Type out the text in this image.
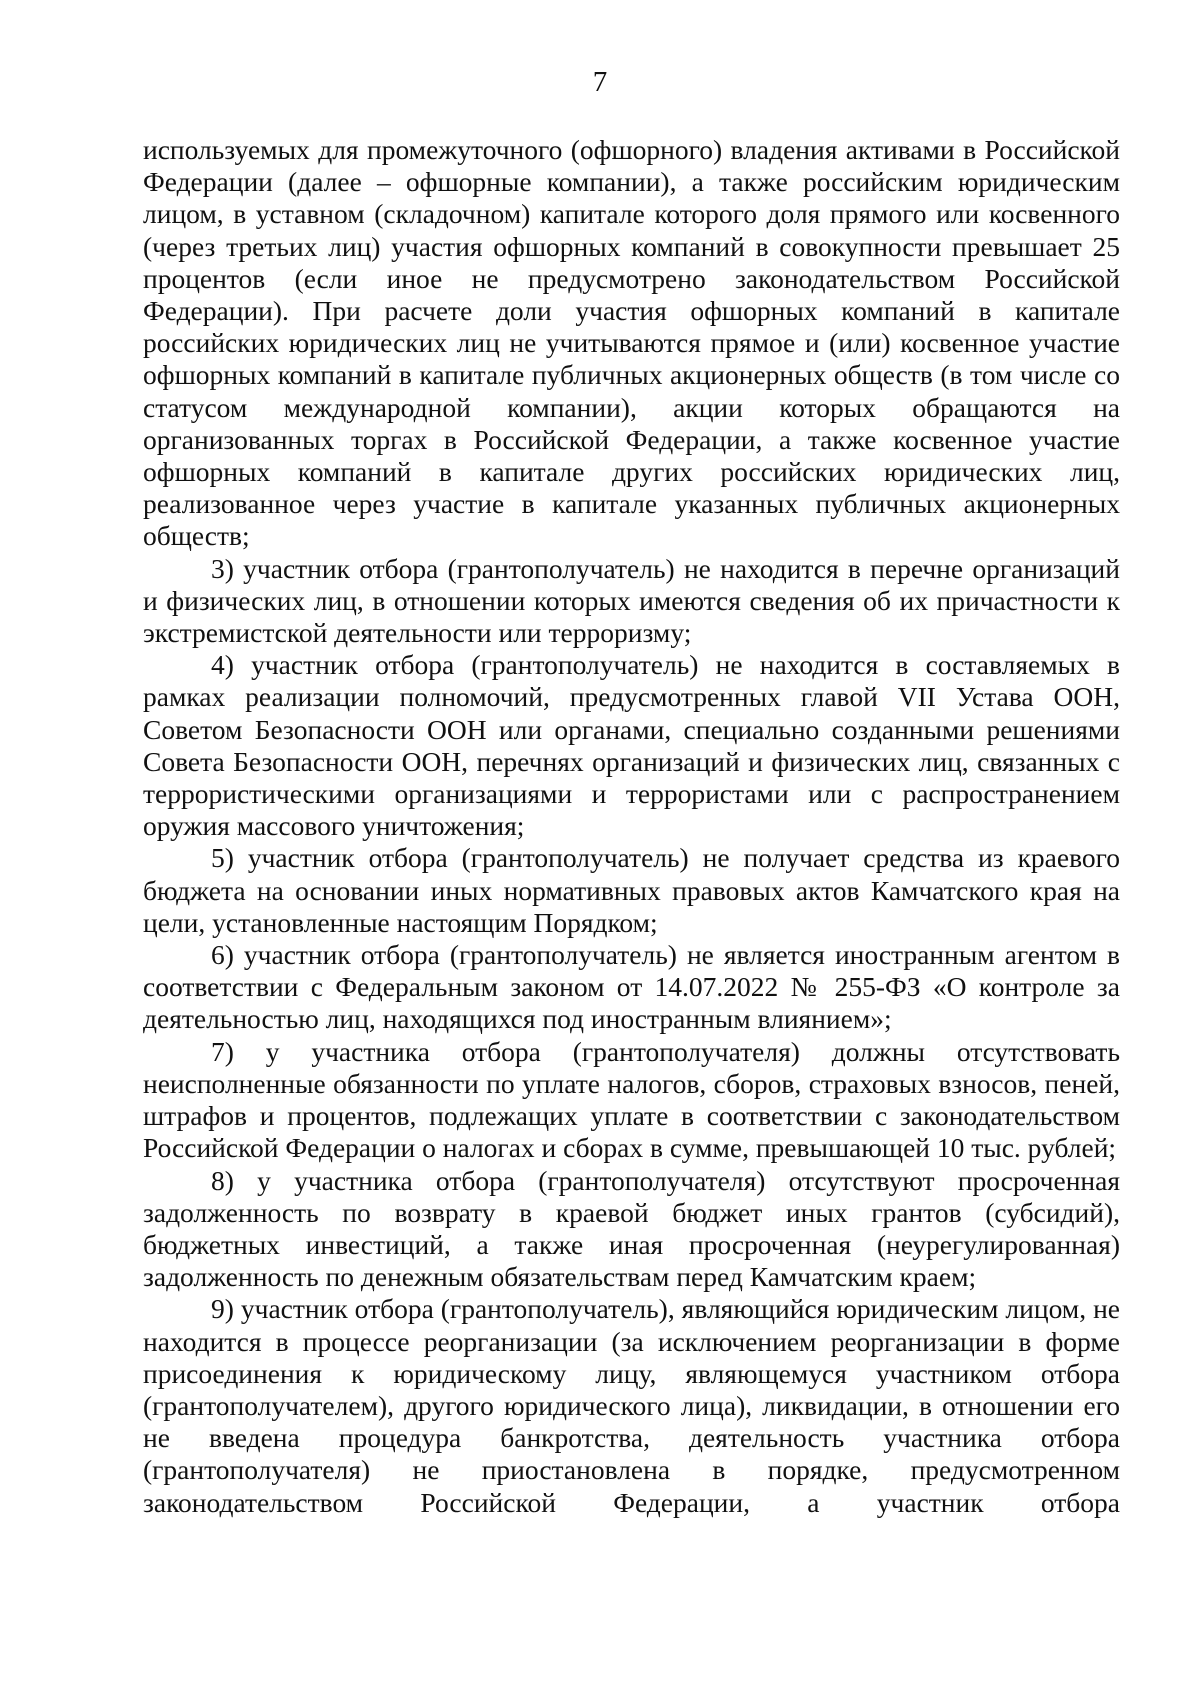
7

используемых для промежуточного (офшорного) владения активами в Российской Федерации (далее – офшорные компании), а также российским юридическим лицом, в уставном (складочном) капитале которого доля прямого или косвенного (через третьих лиц) участия офшорных компаний в совокупности превышает 25 процентов (если иное не предусмотрено законодательством Российской Федерации). При расчете доли участия офшорных компаний в капитале российских юридических лиц не учитываются прямое и (или) косвенное участие офшорных компаний в капитале публичных акционерных обществ (в том числе со статусом международной компании), акции которых обращаются на организованных торгах в Российской Федерации, а также косвенное участие офшорных компаний в капитале других российских юридических лиц, реализованное через участие в капитале указанных публичных акционерных обществ;

3) участник отбора (грантополучатель) не находится в перечне организаций и физических лиц, в отношении которых имеются сведения об их причастности к экстремистской деятельности или терроризму;

4) участник отбора (грантополучатель) не находится в составляемых в рамках реализации полномочий, предусмотренных главой VII Устава ООН, Советом Безопасности ООН или органами, специально созданными решениями Совета Безопасности ООН, перечнях организаций и физических лиц, связанных с террористическими организациями и террористами или с распространением оружия массового уничтожения;

5) участник отбора (грантополучатель) не получает средства из краевого бюджета на основании иных нормативных правовых актов Камчатского края на цели, установленные настоящим Порядком;

6) участник отбора (грантополучатель) не является иностранным агентом в соответствии с Федеральным законом от 14.07.2022 № 255-ФЗ «О контроле за деятельностью лиц, находящихся под иностранным влиянием»;

7) у участника отбора (грантополучателя) должны отсутствовать неисполненные обязанности по уплате налогов, сборов, страховых взносов, пеней, штрафов и процентов, подлежащих уплате в соответствии с законодательством Российской Федерации о налогах и сборах в сумме, превышающей 10 тыс. рублей;

8) у участника отбора (грантополучателя) отсутствуют просроченная задолженность по возврату в краевой бюджет иных грантов (субсидий), бюджетных инвестиций, а также иная просроченная (неурегулированная) задолженность по денежным обязательствам перед Камчатским краем;

9) участник отбора (грантополучатель), являющийся юридическим лицом, не находится в процессе реорганизации (за исключением реорганизации в форме присоединения к юридическому лицу, являющемуся участником отбора (грантополучателем), другого юридического лица), ликвидации, в отношении его не введена процедура банкротства, деятельность участника отбора (грантополучателя) не приостановлена в порядке, предусмотренном законодательством Российской Федерации, а участник отбора
